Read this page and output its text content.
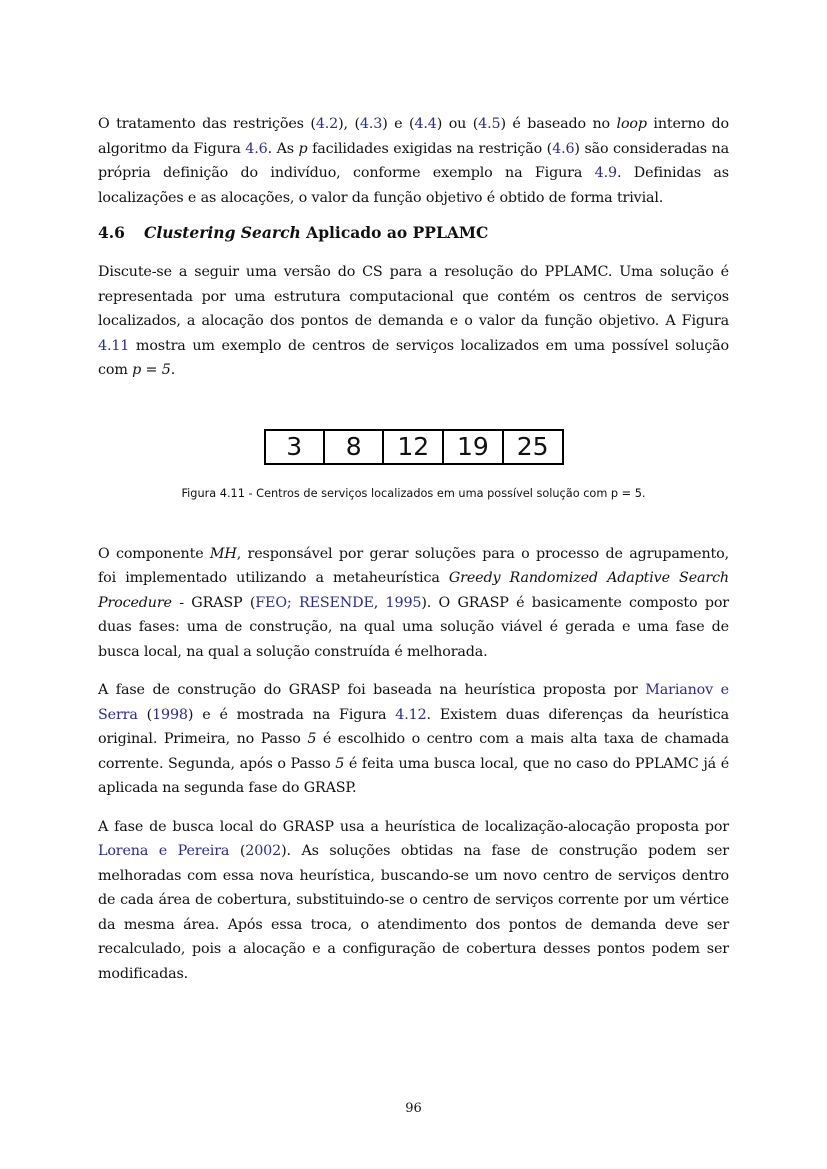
O tratamento das restrições (4.2), (4.3) e (4.4) ou (4.5) é baseado no loop interno do algoritmo da Figura 4.6. As p facilidades exigidas na restrição (4.6) são consideradas na própria definição do indivíduo, conforme exemplo na Figura 4.9. Definidas as localizações e as alocações, o valor da função objetivo é obtido de forma trivial.

4.6 Clustering Search Aplicado ao PPLAMC

Discute-se a seguir uma versão do CS para a resolução do PPLAMC. Uma solução é representada por uma estrutura computacional que contém os centros de serviços localizados, a alocação dos pontos de demanda e o valor da função objetivo. A Figura 4.11 mostra um exemplo de centros de serviços localizados em uma possível solução com p = 5.

3	8	12	19	25
Figura 4.11 - Centros de serviços localizados em uma possível solução com p = 5.

O componente MH, responsável por gerar soluções para o processo de agrupamento, foi implementado utilizando a metaheurística Greedy Randomized Adaptive Search Procedure - GRASP (FEO; RESENDE, 1995). O GRASP é basicamente composto por duas fases: uma de construção, na qual uma solução viável é gerada e uma fase de busca local, na qual a solução construída é melhorada.

A fase de construção do GRASP foi baseada na heurística proposta por Marianov e Serra (1998) e é mostrada na Figura 4.12. Existem duas diferenças da heurística original. Primeira, no Passo 5 é escolhido o centro com a mais alta taxa de chamada corrente. Segunda, após o Passo 5 é feita uma busca local, que no caso do PPLAMC já é aplicada na segunda fase do GRASP.

A fase de busca local do GRASP usa a heurística de localização-alocação proposta por Lorena e Pereira (2002). As soluções obtidas na fase de construção podem ser melhoradas com essa nova heurística, buscando-se um novo centro de serviços dentro de cada área de cobertura, substituindo-se o centro de serviços corrente por um vértice da mesma área. Após essa troca, o atendimento dos pontos de demanda deve ser recalculado, pois a alocação e a configuração de cobertura desses pontos podem ser modificadas.

96
